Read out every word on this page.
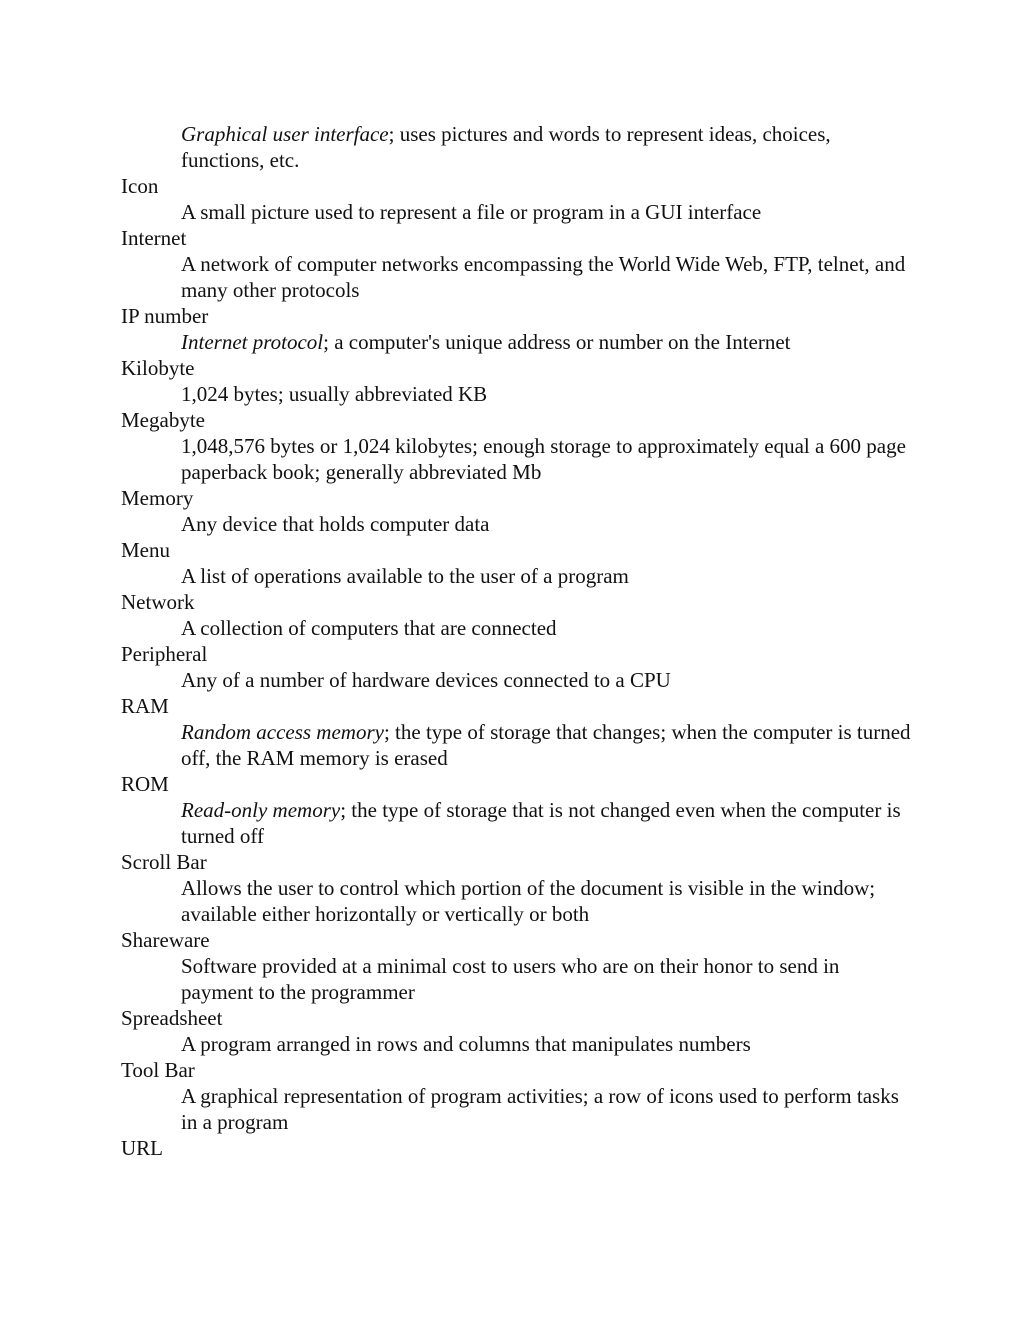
Graphical user interface; uses pictures and words to represent ideas, choices, functions, etc.
Icon
A small picture used to represent a file or program in a GUI interface
Internet
A network of computer networks encompassing the World Wide Web, FTP, telnet, and many other protocols
IP number
Internet protocol; a computer's unique address or number on the Internet
Kilobyte
1,024 bytes; usually abbreviated KB
Megabyte
1,048,576 bytes or 1,024 kilobytes; enough storage to approximately equal a 600 page paperback book; generally abbreviated Mb
Memory
Any device that holds computer data
Menu
A list of operations available to the user of a program
Network
A collection of computers that are connected
Peripheral
Any of a number of hardware devices connected to a CPU
RAM
Random access memory; the type of storage that changes; when the computer is turned off, the RAM memory is erased
ROM
Read-only memory; the type of storage that is not changed even when the computer is turned off
Scroll Bar
Allows the user to control which portion of the document is visible in the window; available either horizontally or vertically or both
Shareware
Software provided at a minimal cost to users who are on their honor to send in payment to the programmer
Spreadsheet
A program arranged in rows and columns that manipulates numbers
Tool Bar
A graphical representation of program activities; a row of icons used to perform tasks in a program
URL
